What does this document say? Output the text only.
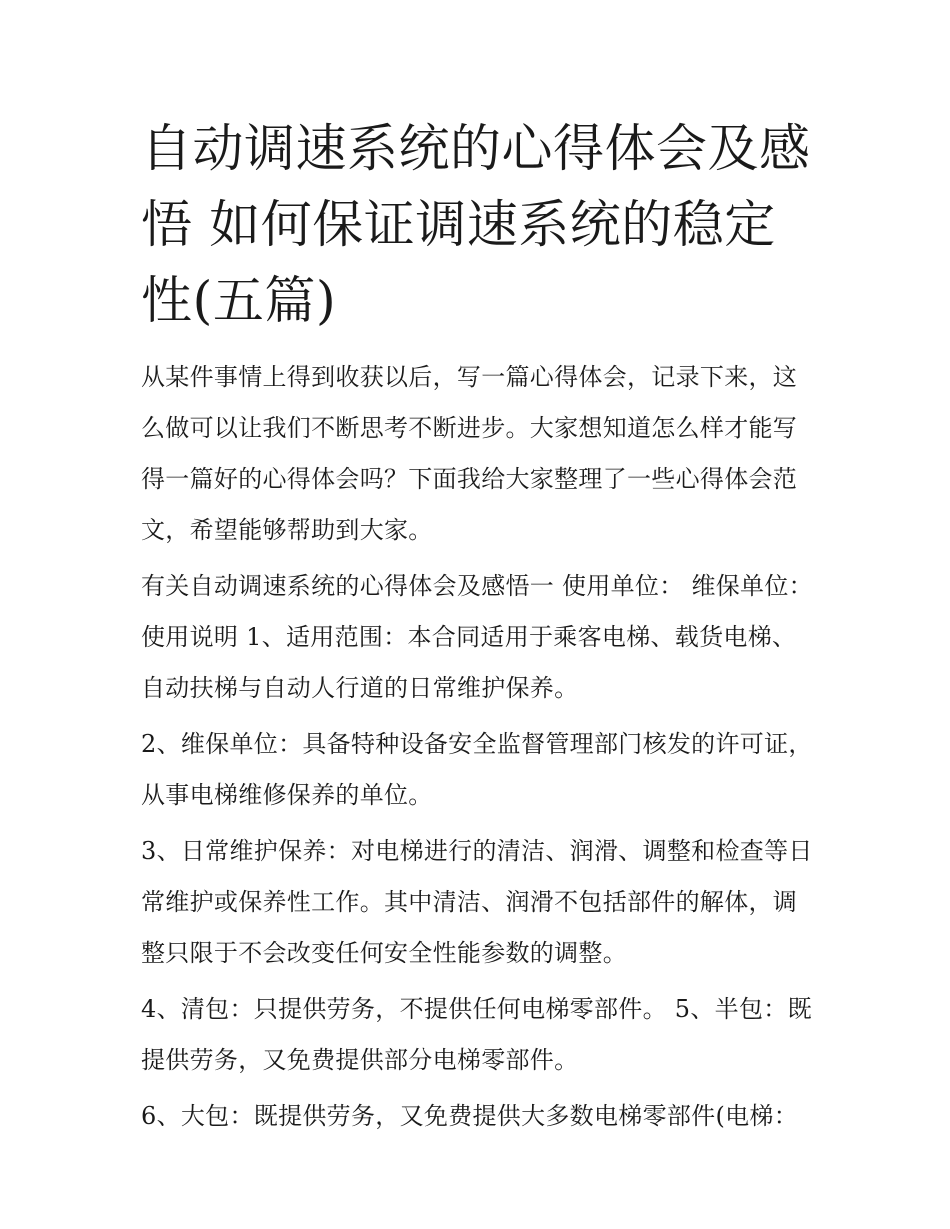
自动调速系统的心得体会及感悟 如何保证调速系统的稳定性(五篇)

从某件事情上得到收获以后，写一篇心得体会，记录下来，这么做可以让我们不断思考不断进步。大家想知道怎么样才能写得一篇好的心得体会吗？下面我给大家整理了一些心得体会范文，希望能够帮助到大家。

有关自动调速系统的心得体会及感悟一 使用单位： 维保单位： 使用说明 1、适用范围：本合同适用于乘客电梯、载货电梯、自动扶梯与自动人行道的日常维护保养。

2、维保单位：具备特种设备安全监督管理部门核发的许可证，从事电梯维修保养的单位。

3、日常维护保养：对电梯进行的清洁、润滑、调整和检查等日常维护或保养性工作。其中清洁、润滑不包括部件的解体，调整只限于不会改变任何安全性能参数的调整。

4、清包：只提供劳务，不提供任何电梯零部件。 5、半包：既提供劳务，又免费提供部分电梯零部件。

6、大包：既提供劳务，又免费提供大多数电梯零部件(电梯：
